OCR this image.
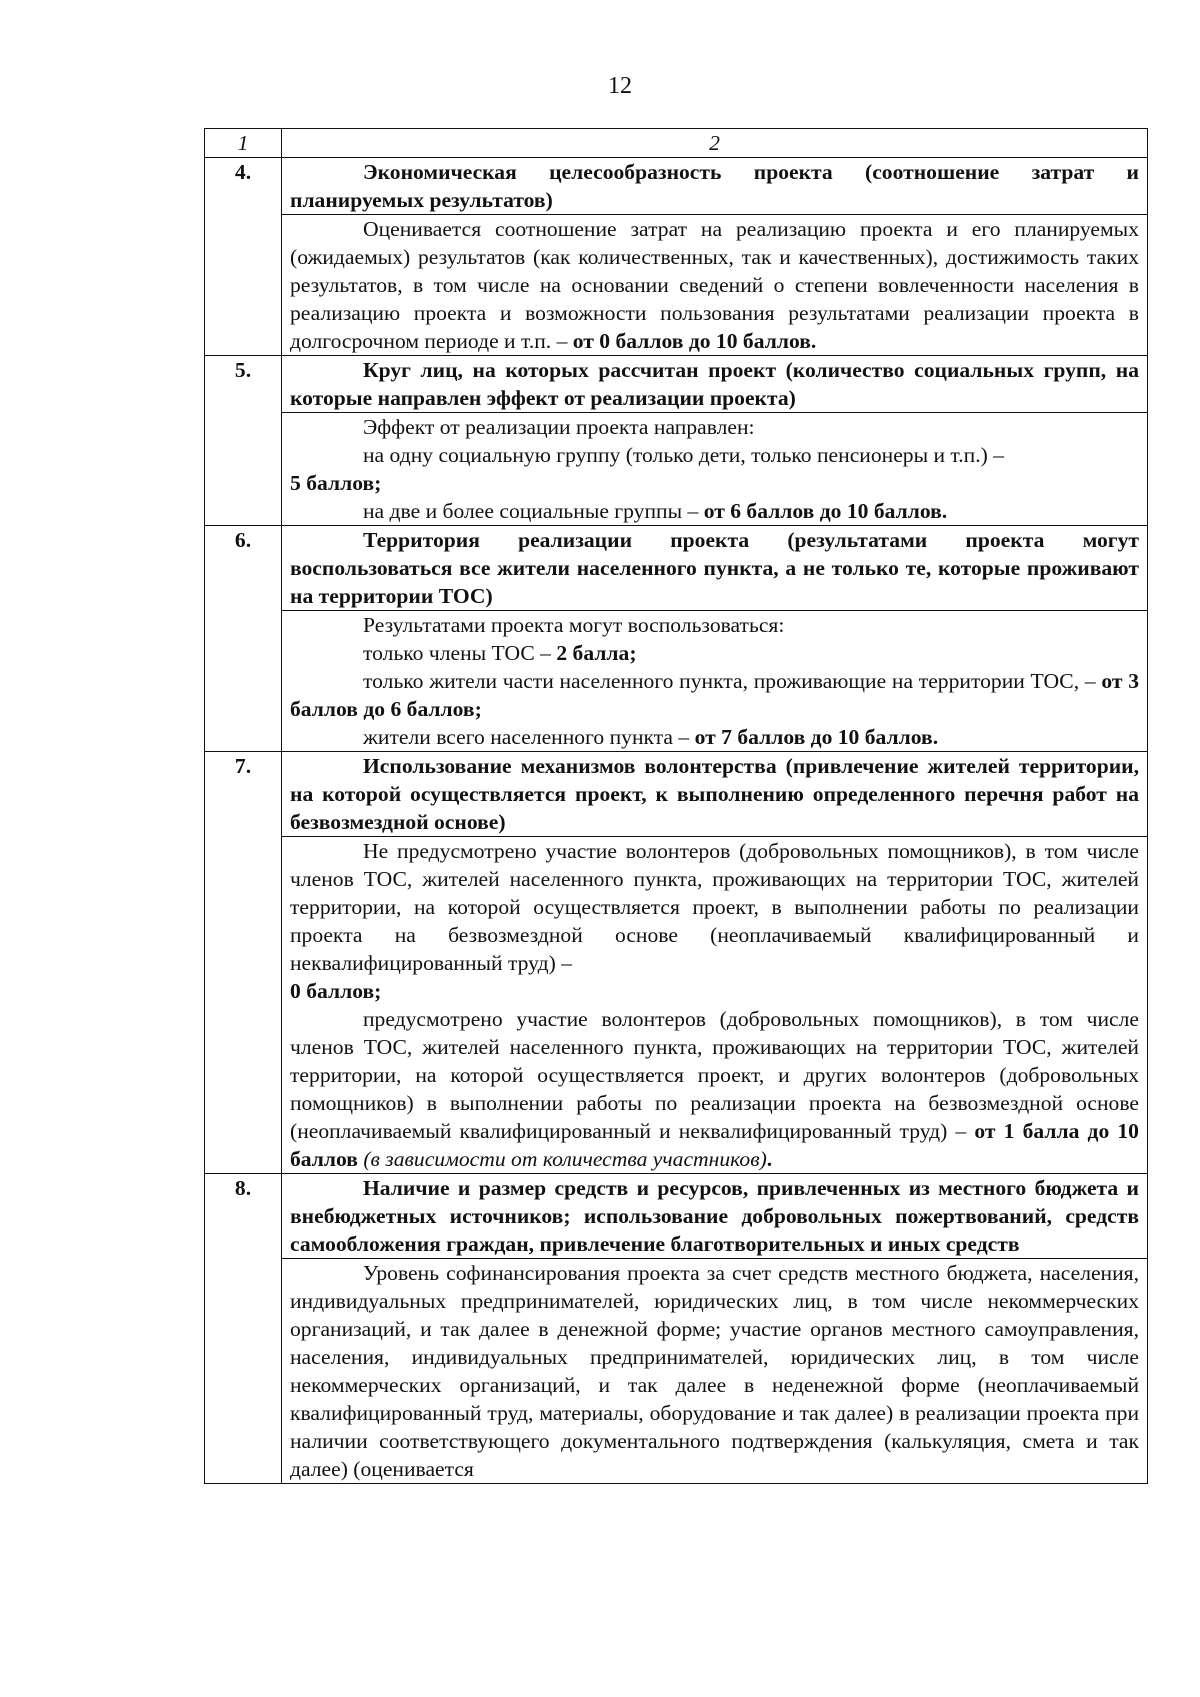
12
1	2
4.	Экономическая целесообразность проекта (соотношение затрат и планируемых результатов)

	Оценивается соотношение затрат на реализацию проекта и его планируемых (ожидаемых) результатов (как количественных, так и качественных), достижимость таких результатов, в том числе на основании сведений о степени вовлеченности населения в реализацию проекта и возможности пользования результатами реализации проекта в долгосрочном периоде и т.п. – от 0 баллов до 10 баллов.

5.	Круг лиц, на которых рассчитан проект (количество социальных групп, на которые направлен эффект от реализации проекта)

	Эффект от реализации проекта направлен:

на одну социальную группу (только дети, только пенсионеры и т.п.) –

5 баллов;

на две и более социальные группы – от 6 баллов до 10 баллов.

6.	Территория реализации проекта (результатами проекта могут воспользоваться все жители населенного пункта, а не только те, которые проживают на территории ТОС)

	Результатами проекта могут воспользоваться:

только члены ТОС – 2 балла;

только жители части населенного пункта, проживающие на территории ТОС, – от 3 баллов до 6 баллов;

жители всего населенного пункта – от 7 баллов до 10 баллов.

7.	Использование механизмов волонтерства (привлечение жителей территории, на которой осуществляется проект, к выполнению определенного перечня работ на безвозмездной основе)

	Не предусмотрено участие волонтеров (добровольных помощников), в том числе членов ТОС, жителей населенного пункта, проживающих на территории ТОС, жителей территории, на которой осуществляется проект, в выполнении работы по реализации проекта на безвозмездной основе (неоплачиваемый квалифицированный и неквалифицированный труд) –

0 баллов;

предусмотрено участие волонтеров (добровольных помощников), в том числе членов ТОС, жителей населенного пункта, проживающих на территории ТОС, жителей территории, на которой осуществляется проект, и других волонтеров (добровольных помощников) в выполнении работы по реализации проекта на безвозмездной основе (неоплачиваемый квалифицированный и неквалифицированный труд) – от 1 балла до 10 баллов (в зависимости от количества участников).

8.	Наличие и размер средств и ресурсов, привлеченных из местного бюджета и внебюджетных источников; использование добровольных пожертвований, средств самообложения граждан, привлечение благотворительных и иных средств

	Уровень софинансирования проекта за счет средств местного бюджета, населения, индивидуальных предпринимателей, юридических лиц, в том числе некоммерческих организаций, и так далее в денежной форме; участие органов местного самоуправления, населения, индивидуальных предпринимателей, юридических лиц, в том числе некоммерческих организаций, и так далее в неденежной форме (неоплачиваемый квалифицированный труд, материалы, оборудование и так далее) в реализации проекта при наличии соответствующего документального подтверждения (калькуляция, смета и так далее) (оценивается
